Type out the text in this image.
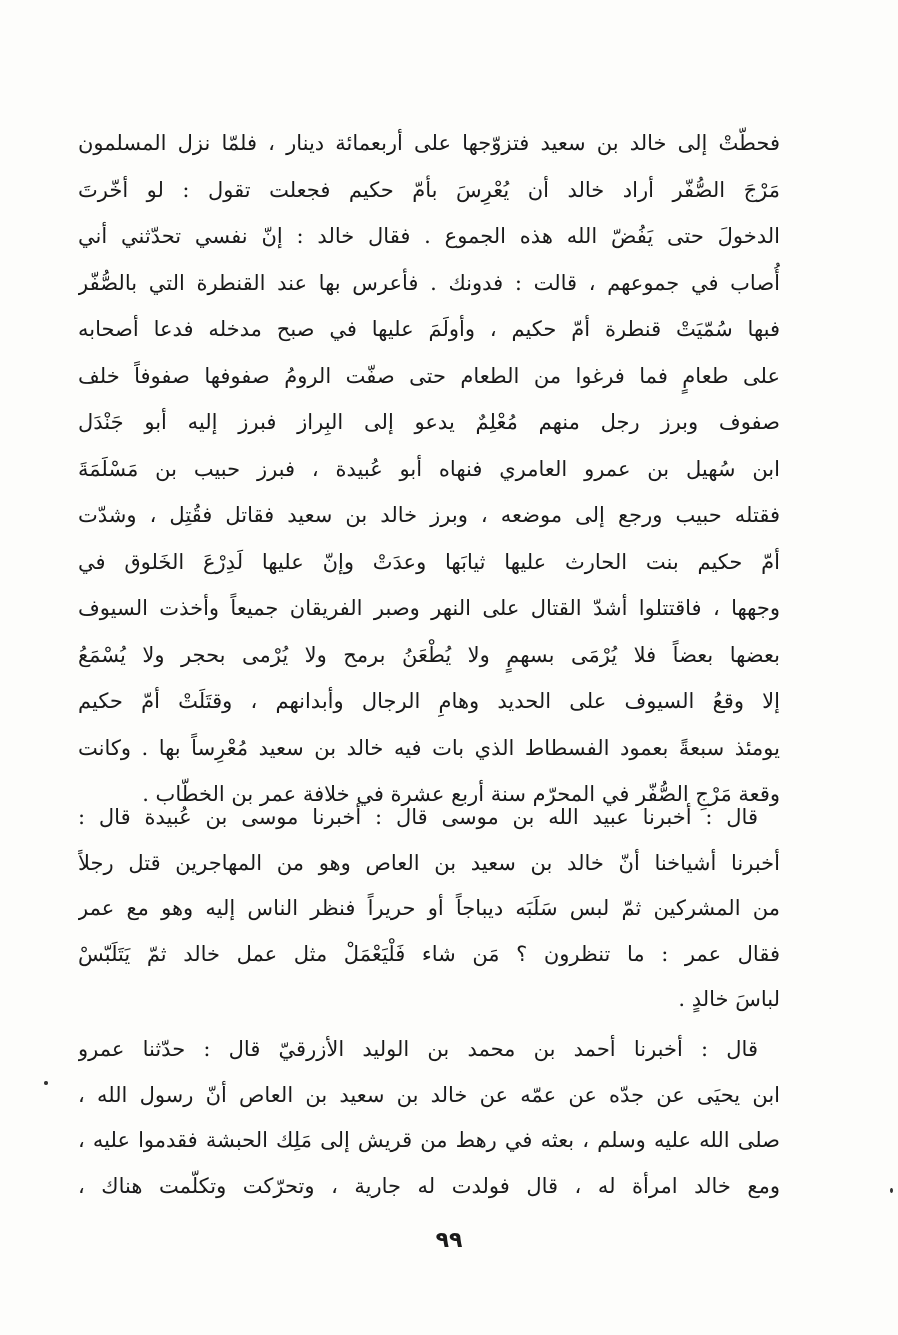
فحطّتْ إلى خالد بن سعيد فتزوّجها على أربعمائة دينار ، فلمّا نزل المسلمون
مَرْجَ الصُّفّر أراد خالد أن يُعْرِسَ بأمّ حكيم فجعلت تقول : لو أخّرتَ
الدخولَ حتى يَفُضّ الله هذه الجموع . فقال خالد : إنّ نفسي تحدّثني أني
أُصاب في جموعهم ، قالت : فدونك . فأعرس بها عند القنطرة التي بالصُّفّر
فبها سُمّيَتْ قنطرة أمّ حكيم ، وأولَمَ عليها في صبح مدخله فدعا أصحابه
على طعامٍ فما فرغوا من الطعام حتى صفّت الرومُ صفوفها صفوفاً خلف
صفوف وبرز رجل منهم مُعْلِمٌ يدعو إلى البِراز فبرز إليه أبو جَنْدَل
ابن سُهيل بن عمرو العامري فنهاه أبو عُبيدة ، فبرز حبيب بن مَسْلَمَةَ
فقتله حبيب ورجع إلى موضعه ، وبرز خالد بن سعيد فقاتل فقُتِل ، وشدّت
أمّ حكيم بنت الحارث عليها ثيابَها وعدَتْ وإنّ عليها لَدِرْعَ الخَلوق في
وجهها ، فاقتتلوا أشدّ القتال على النهر وصبر الفريقان جميعاً وأخذت السيوف
بعضها بعضاً فلا يُرْمَى بسهمٍ ولا يُطْعَنُ برمح ولا يُرْمى بحجر ولا يُسْمَعُ
إلا وقعُ السيوف على الحديد وهامِ الرجال وأبدانهم ، وقتَلَتْ أمّ حكيم
يومئذ سبعةً بعمود الفسطاط الذي بات فيه خالد بن سعيد مُعْرِساً بها . وكانت
وقعة مَرْجِ الصُّفّر في المحرّم سنة أربع عشرة في خلافة عمر بن الخطّاب .
قال : أخبرنا عبيد الله بن موسى قال : أخبرنا موسى بن عُبيدة قال :
أخبرنا أشياخنا أنّ خالد بن سعيد بن العاص وهو من المهاجرين قتل رجلاً
من المشركين ثمّ لبس سَلَبَه ديباجاً أو حريراً فنظر الناس إليه وهو مع عمر
فقال عمر : ما تنظرون ؟ مَن شاء فَلْيَعْمَلْ مثل عمل خالد ثمّ يَتَلَبّسْ
لباسَ خالدٍ .
قال : أخبرنا أحمد بن محمد بن الوليد الأزرقيّ قال : حدّثنا عمرو
ابن يحيَى عن جدّه عن عمّه عن خالد بن سعيد بن العاص أنّ رسول الله ،
صلى الله عليه وسلم ، بعثه في رهط من قريش إلى مَلِك الحبشة فقدموا عليه ،
ومع خالد امرأة له ، قال فولدت له جارية ، وتحرّكت وتكلّمت هناك ،
٩٩
